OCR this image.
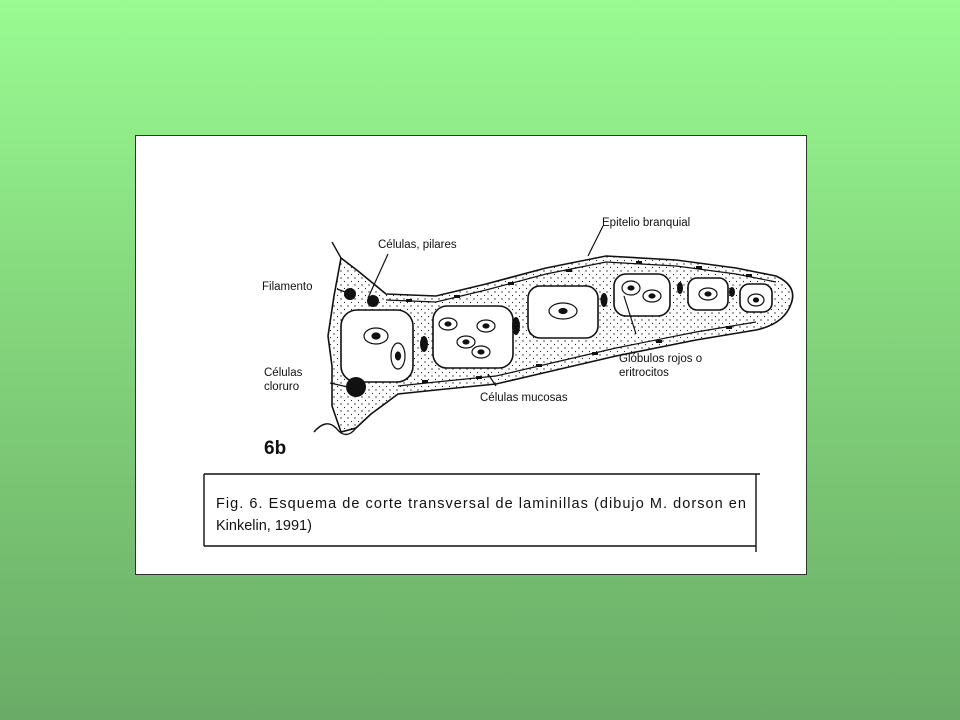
Células, pilares
Epitelio branquial
Filamento
Células
cloruro
Células mucosas
Glóbulos rojos o
eritrocitos
6b
Fig. 6. Esquema de corte transversal de laminillas (dibujo M. dorson en
Kinkelin, 1991)
